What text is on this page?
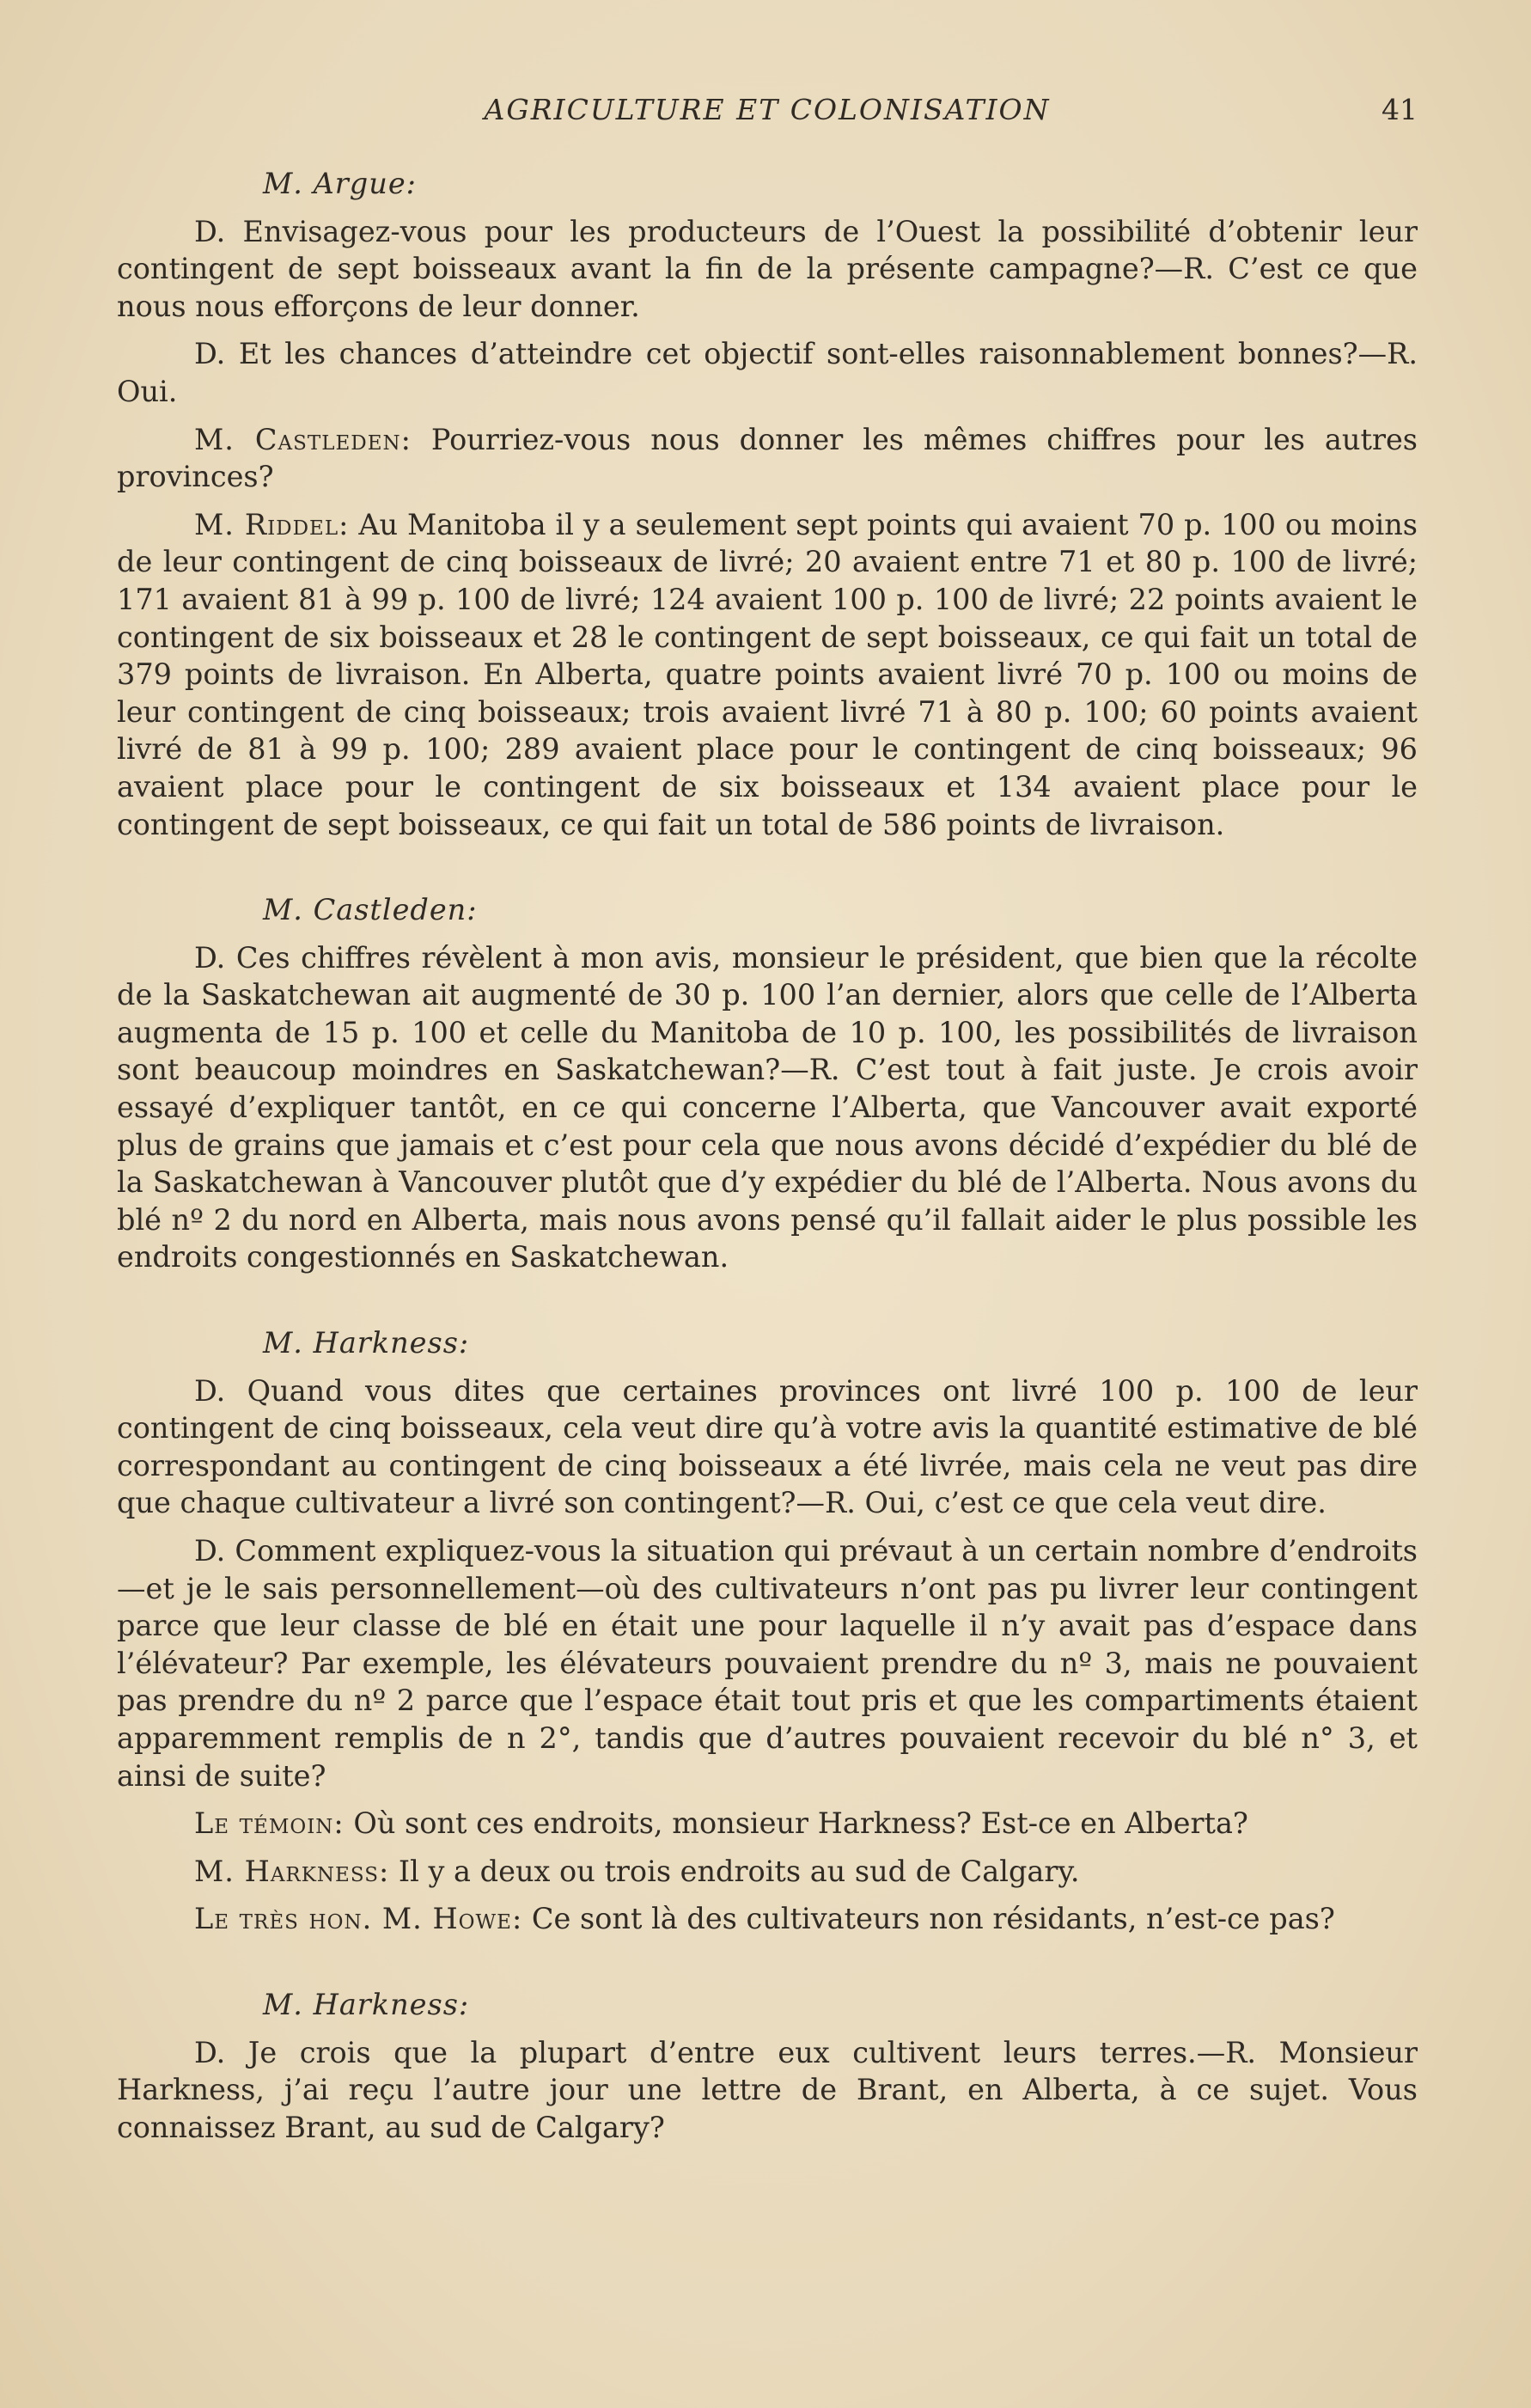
AGRICULTURE ET COLONISATION	41
M. Argue:

D. Envisagez-vous pour les producteurs de l’Ouest la possibilité d’obtenir leur contingent de sept boisseaux avant la fin de la présente campagne?—R. C’est ce que nous nous efforçons de leur donner.

D. Et les chances d’atteindre cet objectif sont-elles raisonnablement bonnes?—R. Oui.

M. Castleden: Pourriez-vous nous donner les mêmes chiffres pour les autres provinces?

M. Riddel: Au Manitoba il y a seulement sept points qui avaient 70 p. 100 ou moins de leur contingent de cinq boisseaux de livré; 20 avaient entre 71 et 80 p. 100 de livré; 171 avaient 81 à 99 p. 100 de livré; 124 avaient 100 p. 100 de livré; 22 points avaient le contingent de six boisseaux et 28 le contingent de sept boisseaux, ce qui fait un total de 379 points de livraison. En Alberta, quatre points avaient livré 70 p. 100 ou moins de leur contingent de cinq boisseaux; trois avaient livré 71 à 80 p. 100; 60 points avaient livré de 81 à 99 p. 100; 289 avaient place pour le contingent de cinq boisseaux; 96 avaient place pour le contingent de six boisseaux et 134 avaient place pour le contingent de sept boisseaux, ce qui fait un total de 586 points de livraison.

M. Castleden:

D. Ces chiffres révèlent à mon avis, monsieur le président, que bien que la récolte de la Saskatchewan ait augmenté de 30 p. 100 l’an dernier, alors que celle de l’Alberta augmenta de 15 p. 100 et celle du Manitoba de 10 p. 100, les possibilités de livraison sont beaucoup moindres en Saskatchewan?—R. C’est tout à fait juste. Je crois avoir essayé d’expliquer tantôt, en ce qui concerne l’Alberta, que Vancouver avait exporté plus de grains que jamais et c’est pour cela que nous avons décidé d’expédier du blé de la Saskatchewan à Vancouver plutôt que d’y expédier du blé de l’Alberta. Nous avons du blé nº 2 du nord en Alberta, mais nous avons pensé qu’il fallait aider le plus possible les endroits congestionnés en Saskatchewan.

M. Harkness:

D. Quand vous dites que certaines provinces ont livré 100 p. 100 de leur contingent de cinq boisseaux, cela veut dire qu’à votre avis la quantité estimative de blé correspondant au contingent de cinq boisseaux a été livrée, mais cela ne veut pas dire que chaque cultivateur a livré son contingent?—R. Oui, c’est ce que cela veut dire.

D. Comment expliquez-vous la situation qui prévaut à un certain nombre d’endroits—et je le sais personnellement—où des cultivateurs n’ont pas pu livrer leur contingent parce que leur classe de blé en était une pour laquelle il n’y avait pas d’espace dans l’élévateur? Par exemple, les élévateurs pouvaient prendre du nº 3, mais ne pouvaient pas prendre du nº 2 parce que l’espace était tout pris et que les compartiments étaient apparemment remplis de n 2°, tandis que d’autres pouvaient recevoir du blé n° 3, et ainsi de suite?

Le témoin: Où sont ces endroits, monsieur Harkness? Est-ce en Alberta?

M. Harkness: Il y a deux ou trois endroits au sud de Calgary.

Le très hon. M. Howe: Ce sont là des cultivateurs non résidants, n’est-ce pas?

M. Harkness:

D. Je crois que la plupart d’entre eux cultivent leurs terres.—R. Monsieur Harkness, j’ai reçu l’autre jour une lettre de Brant, en Alberta, à ce sujet. Vous connaissez Brant, au sud de Calgary?
